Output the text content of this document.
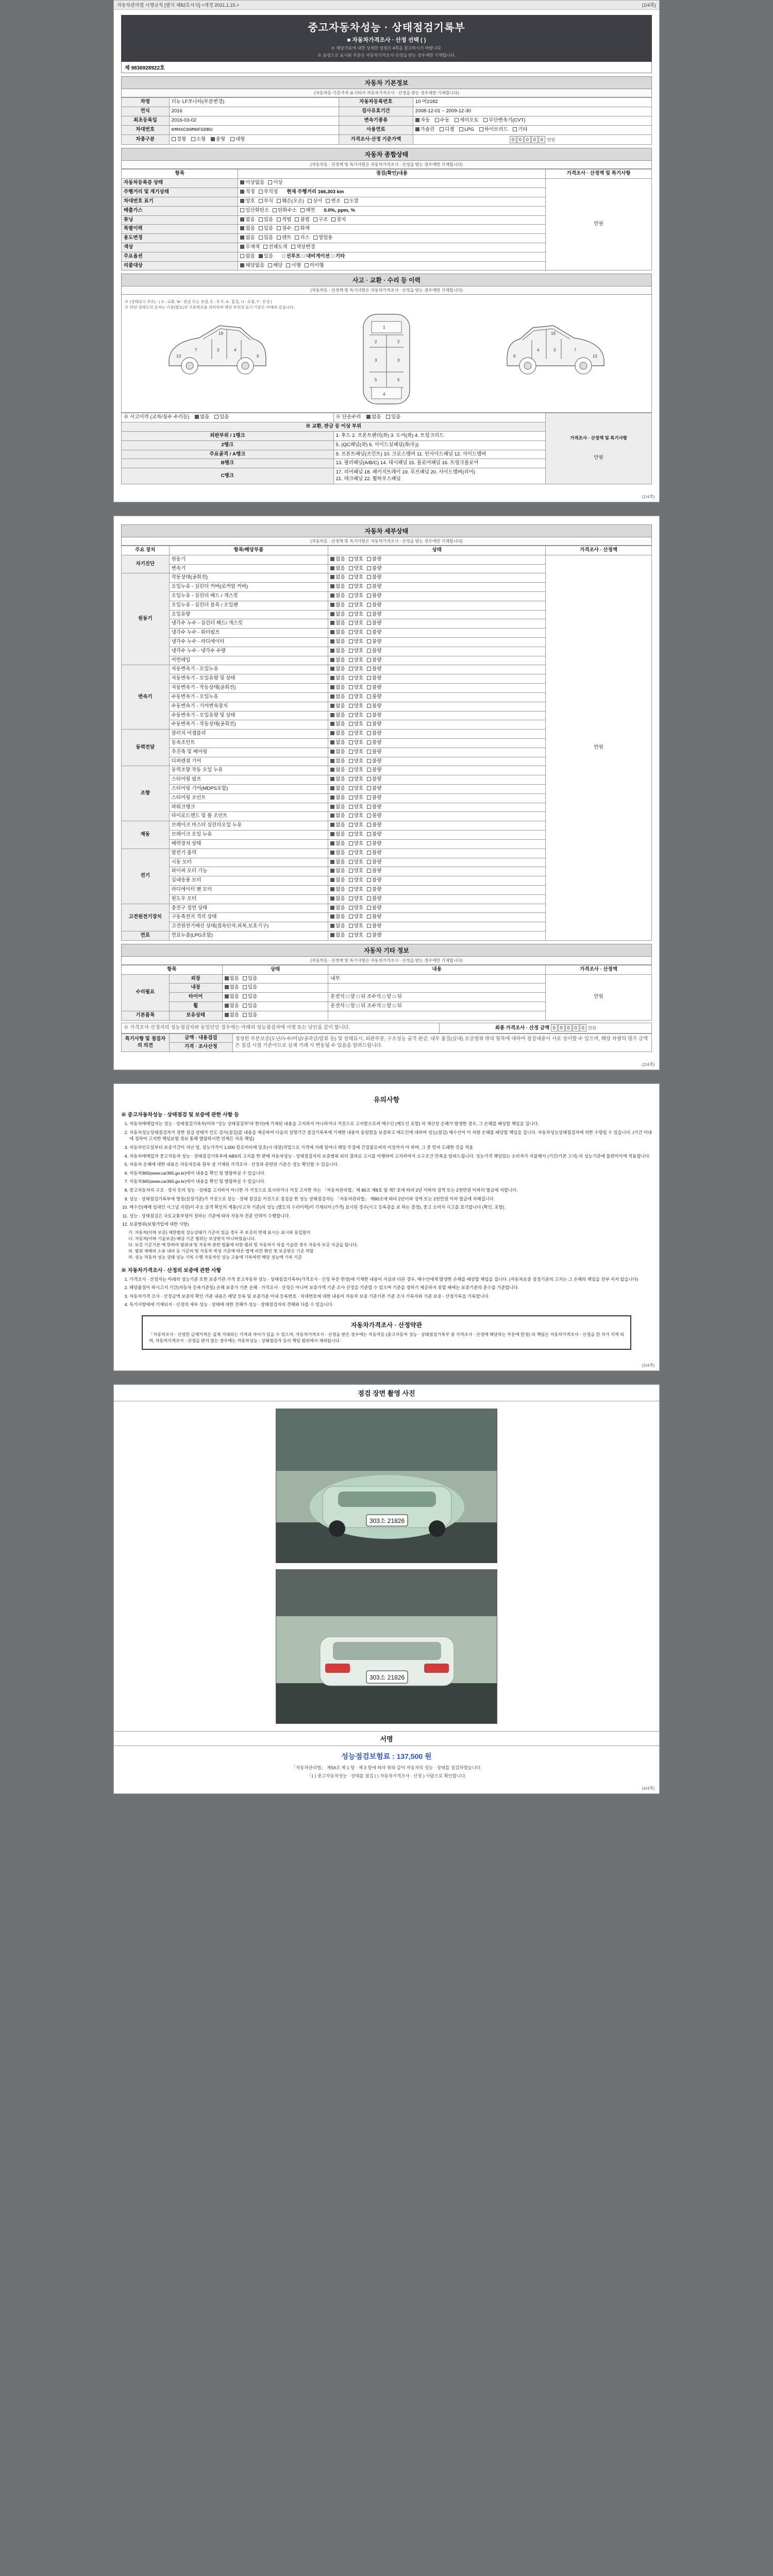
자동차관리법 시행규칙 [별지 제82호서식] <개정 2021.1.15.>	(1/4쪽)
중고자동차성능 · 상태점검기록부
■ 자동차가격조사 · 산정 선택 ( )
※ 해당자료에 대한 상세한 설명은 4쪽을 참고하시기 바랍니다.
※ 음영으로 표시된 부분은 자동차가격조사·산정을 받는 경우에만 기재합니다.
제 9836928922호
자동차 기본정보
(자동차등 기준가격 표시되어 자동차가격조사 · 산정을 받는 경우에만 기재합니다)
차명	더뉴 LF쏘나타(부분변경)	자동차등록번호	10 머2182
연식	2016	검사유효기간	2008-12-01 ~ 2009-12-30
최초등록일	2016-03-02	변속기종류	자동 수동 세미오토 무단변속기(CVT)
차대번호	KMHXC00M0FGDBU	사용연료	가솔린 디젤 LPG 하이브리드 기타
차종구분	경형 소형 중형 대형	가격조사·산정 기준가액	0 0 0 0 0 만원
자동차 종합상태
(자동차등 · 산정액 및 특기사항은 자동차가격조사 · 산정을 받는 경우에만 기재합니다)
항목	점검(확인)내용	가격조사 · 산정액 및 특기사항
자동차등록증 상태	이상없음 이상	만원
주행거리 및 계기상태	적정 부적정 현재 주행거리 166,303 km	
차대번호 표기	양호 부식 훼손(오손) 상이 변조 도말	
배출가스	일산화탄소 탄화수소 매연 0.0%, ppm, %	
튜닝	없음 있음 적법 불법 구조 장치	
특별이력	없음 있음 침수 화재	
용도변경	없음 있음 렌트 리스 영업용	
색상	무채색 전체도색 색상변경	
주요옵션	없음 있음 □ 선루프 □ 내비게이션 □ 기타	
리콜대상	해당없음 해당 이행 미이행	
사고 · 교환 · 수리 등 이력
(자동차등 · 산정액 및 특기사항은 자동차가격조사 · 산정을 받는 경우에만 기재합니다)
※ (상태표시 부호) : ( X : 교환, W : 판금 또는 용접, C : 부식, A : 흠집, U : 요철, T : 손상 )
※ 하단 상태도의 숫자는 기준(별표)의 구분번호를 의미하며 해당 부위의 표기 기준은 아래와 같습니다.
13
7	3	4
6
19
1
2	2
3	3
5	5
4
13
7
3
4
6
19
※ 사고이력 (교차/침수 수리등) 없음 있음	※ 단순수리 없음 있음	가격조사 · 산정액 및 특기사항
만원

※ 교환, 판금 등 이상 부위		
외판부위 / 1랭크	1. 후드 2. 프론트펜더(좌) 3. 도어(좌) 4. 트렁크리드	
2랭크	5. (QC패널(좌) 6. 사이드실패널(좌/우))	
주요골격 / A랭크	9. 프론트패널(프런트) 10. 크로스멤버 11. 인사이드패널 12. 사이드멤버	
B랭크	13. 필러패널(A/B/C) 14. 대시패널 15. 플로어패널 16. 트렁크플로어	
C랭크	17. 리어패널 18. 패키지트레이 19. 루프패널 20. 사이드멤버(리어)
21. 데크패널 22. 휠하우스패널	
(1/4쪽)
자동차 세부상태
(자동차등 · 산정액 및 특기사항은 자동차가격조사 · 산정을 받는 경우에만 기재합니다)
주요 장치	항목/해당부품	상태	가격조사 · 산정액
자기진단	원동기	없음 양호 불량	만원
	변속기	없음 양호 불량	
원동기	작동상태(공회전)	없음 양호 불량	
	오일누유 - 실린더 커버(로커암 커버)	없음 양호 불량	
	오일누유 - 실린더 헤드 / 개스킷	없음 양호 불량	
	오일누유 - 실린더 블록 / 오일팬	없음 양호 불량	
	오일유량	없음 양호 불량	
	냉각수 누수 - 실린더 헤드/ 개스킷	없음 양호 불량	
	냉각수 누수 - 워터펌프	없음 양호 불량	
	냉각수 누수 - 라디에이터	없음 양호 불량	
	냉각수 누수 - 냉각수 수량	없음 양호 불량	
	커먼레일	없음 양호 불량	
변속기	자동변속기 - 오일누유	없음 양호 불량	
	자동변속기 - 오일유량 및 상태	없음 양호 불량	
	자동변속기 - 작동상태(공회전)	없음 양호 불량	
	수동변속기 - 오일누유	없음 양호 불량	
	수동변속기 - 기어변속장치	없음 양호 불량	
	수동변속기 - 오일유량 및 상태	없음 양호 불량	
	수동변속기 - 작동상태(공회전)	없음 양호 불량	
동력전달	클러치 어셈블리	없음 양호 불량	
	등속조인트	없음 양호 불량	
	추진축 및 베어링	없음 양호 불량	
	디퍼렌셜 기어	없음 양호 불량	
조향	동력조향 작동 오일 누유	없음 양호 불량	
	스티어링 펌프	없음 양호 불량	
	스티어링 기어(MDPS포함)	없음 양호 불량	
	스티어링 조인트	없음 양호 불량	
	파워크랭크	없음 양호 불량	
	타이로드엔드 및 볼 조인트	없음 양호 불량	
제동	브레이크 마스터 실린더오일 누유	없음 양호 불량	
	브레이크 오일 누유	없음 양호 불량	
	배력장치 상태	없음 양호 불량	
전기	발전기 출력	없음 양호 불량	
	시동 모터	없음 양호 불량	
	와이퍼 모터 기능	없음 양호 불량	
	실내송풍 모터	없음 양호 불량	
	라디에이터 팬 모터	없음 양호 불량	
	윈도우 모터	없음 양호 불량	
고전원전기장치	충전구 절연 상태	없음 양호 불량	
	구동축전지 격리 상태	없음 양호 불량	
	고전원전기배선 상태(접속단자,피복,보호기구)	없음 양호 불량	
연료	연료누출(LPG포함)	없음 양호 불량	
자동차 기타 정보
(자동차등 · 산정액 및 특기사항은 자동차가격조사 · 산정을 받는 경우에만 기재합니다)
항목		상태	내용	가격조사 · 산정액
수리필요	외장	없음 있음	내부	만원
	내장	없음 있음		
	타이어	없음 있음	운전석 □ 앞 □ 뒤 조수석 □ 앞 □ 뒤	
	휠	없음 있음	운전석 □ 앞 □ 뒤 조수석 □ 앞 □ 뒤	
기본품목	보유상태	없음 있음		
※ 가격조사·산정자의 성능점검자와 동일인인 경우에는 아래의 성능점검자에 서명 또는 날인을 같이 합니다.	최종 가격조사 · 산정 금액 0 0 0 0 0 만원
특기사항 및 점검자의 의견	금액 · 내용검검	정성한 부분보증(도난/누수/미납/공과금/압류 등) 및 상태표시, 외판부분, 구조성능 골격 판금, 내부 품질(실내) 보증범위 밖의 항목에 대하여 점검내용이 서로 상이할 수 있으며, 해당 차량의 평가 금액은 점검 시점 기준이므로 실제 거래 시 변동될 수 있음을 알려드립니다.
가격 · 조사산정
(2/4쪽)
유의사항
※ 중고자동차성능 · 상태점검 및 보증에 관한 사항 등
1. 자동차매매업자는 성능 · 상태점검기록부(이하 "성능 상태점검부"라 한다)에 기재된 내용을 고지하지 아니하거나 거짓으로 고지함으로써 매수인 (매도인 포함) 의 재산상 손해가 발생한 경우, 그 손해를 배상할 책임을 집니다.
2. 자동차성능상태점검자가 정한 점검 상태가 인도 검사(점검)를 내용을 제공하여 다음의 설명기간 점검기록부에 기재한 내용이 동일함을 보증하고 매도인에 대하여 성능(점검) 매수인이 이 차량 손해를 배상할 책임을 집니다. 자동차성능상태점검자에 의한 수령일 수 있습니다. (기간 이내에 정하여 고지한 책임보험 정보 통해 열람하시면 언제든 지속 책임)
3. 자동차인도일부터 보증기간이 지난 일, 성능가격이 1,000 킬로미터에 당초(시 대장)작업으로 가격에 거래 일어나 해당 무접에 간접물로써의 이상까지 아 하며, 그 중 먼저 도래한 것을 적용
4. 자동차매매업자 중고자동차 성능 · 상태점검기록부에 ABS의 고지를 한 판매 자동차성능 · 상태점검자의 보증범위 외의 결과로 고시를 이행하여 고지하여서 요구조건 만족을 알려드립니다. 성능가격 책임있는 소비자가 지불해서 (기간/기본 고지) 의 성능기관에 불편이익에 적용합니다.
5. 자동차 손해에 대한 내용은 자동차등록 원부 상 기재된 가격조사 · 산정과 관련된 기준은 성능 확인할 수 있습니다.
6. 자동차365(www.car365.go.kr)에서 내용을 확인 및 열람하실 수 있습니다.
7. 자동차365(www.car365.go.kr)에서 내용을 확인 및 열람하실 수 있습니다.
8. 중고자동차의 구조 · 장치 등의 성능 · 상태를 고지하지 아니한 가 거짓으로 표시하거나 거짓 고지한 자는 「자동차관리법」제 80조 제8호 및 제7 호에 따라 2년 이하의 징역 또는 2천만원 이하의 벌금에 처합니다.
9. 성능 · 상태점검기록부에 명칭(설정기준)가 거짓으로 성능 · 상태 점검을 거짓으로 점검을 한 성능 상태점검자는 「자동차관리법」 제80조에 따라 2년이하 징역 또는 2천만원 이하 벌금에 처해집니다.
10. 매수인(매매 임대인 시그널 지원)이 주요 골격 확인의 계통(사고차 기준)의 성능 (별도의 수리이력)이 기재되어 (가격) 표시된 경우(사고 등록증을 보 하는 결정), 중고 소비자 시고를 표기합니다 (확인, 포함).
11. 성능 · 상태점검은 국토교통부령이 정하는 기준에 따라 자동차 전문 인력이 수행합니다.
12. 보증범위(보험가입에 대한 사항)
가. 자동차(이하 보증) 제한범위 성능상태가 기준이 있을 경우 주 보증의 면제 표시는 표시와 동일함이
나. 자동차(이하 기술보증) 배상 기준 범위는 보상받지 아니하였습니다.
다. 보증 기준기본 에 한하여 범위내 및 자동차 관련 법률에 의한 범위 및 자동차가 직접 기술한 경우 자동차 보증 지급을 합니다.
라. 범위 재해의 소유 내의 등 기준의 및 자동차 작성 기준에 따른 법에 의한 확인 및 보증받은 기준 적합
마. 성능 자동차 성능 상태 성능 기록 수행 자동차인 성능 고용에 기록하면 해당 성능에 기록 기준
※ 자동차가격조사 · 산정의 보증에 관한 사항
1. 가격조사 · 산정자는 아래의 성능기준 또한 보증기관 가격 중고자동차 성능 · 상태점검기록부(가격조사 · 산정 부분 한정)에 기재한 내용이 사실과 다른 경우, 매수인에게 발생한 손해를 배상할 책임을 집니다. (자동차보증 설정기준의 고지는 그 손해의 책임을 전부 지지 않습니다)
2. 해당품질이 하시고서 기간(자동차 등록기준일) 손해 보증가 기본 손해 · 가격조사 · 산정은 아니며 보증가액 기준 조사 산정을 기준할 수 있으며 기준을 정하기 제공하지 못할 때에는 보증기준의 준수를 기준합니다.
3. 자동차가격 조사 · 산정금액 보증의 확인 기준 내용은 해당 등록 및 보증기준 이내 등록번호 · 차대번호에 대한 내용이 자동차 보증 기준기본 기준 조사 기록자와 기준 보증 · 산정기록을 기록합니다.
4. 특기사항에에 기재되지 · 산정의 세부 성능 · 상태에 대한 견해가 성능 · 상태점검자의 견해와 다를 수 있습니다.
자동차가격조사 · 산정약관

「자동차조사 · 산정한 금액가격은 실제 거래되는 가격과 차이가 있을 수 있으며, 자동차가격조사 · 산정을 받은 경우에는 자동차등 (중고자동차 성능 · 상태점검기록부 중 가격조사 · 산정에 해당하는 부분에 한정) 의 책임은 자동차가격조사 · 산정을 한 자가 지게 되며, 자동차가격조사 · 산정을 받지 않는 경우에는 자동차성능 · 상태점검자 등의 책임 범위에서 제외됩니다.

(3/4쪽)
점검 장면 촬영 사진
303소 21826
303소 21826
서명
성능점검보험료 : 137,500 원
「자동차관리법」 제58조 제 1 항 · 제 3 항에 따라 위와 같이 자동차의 성능 · 상태를 점검하였습니다.
「1 ) 중고자동차성능 · 상태를 점검 ( ) 자동차가격조사 · 산정 ) 사람으로 확인합니다.
(4/4쪽)
